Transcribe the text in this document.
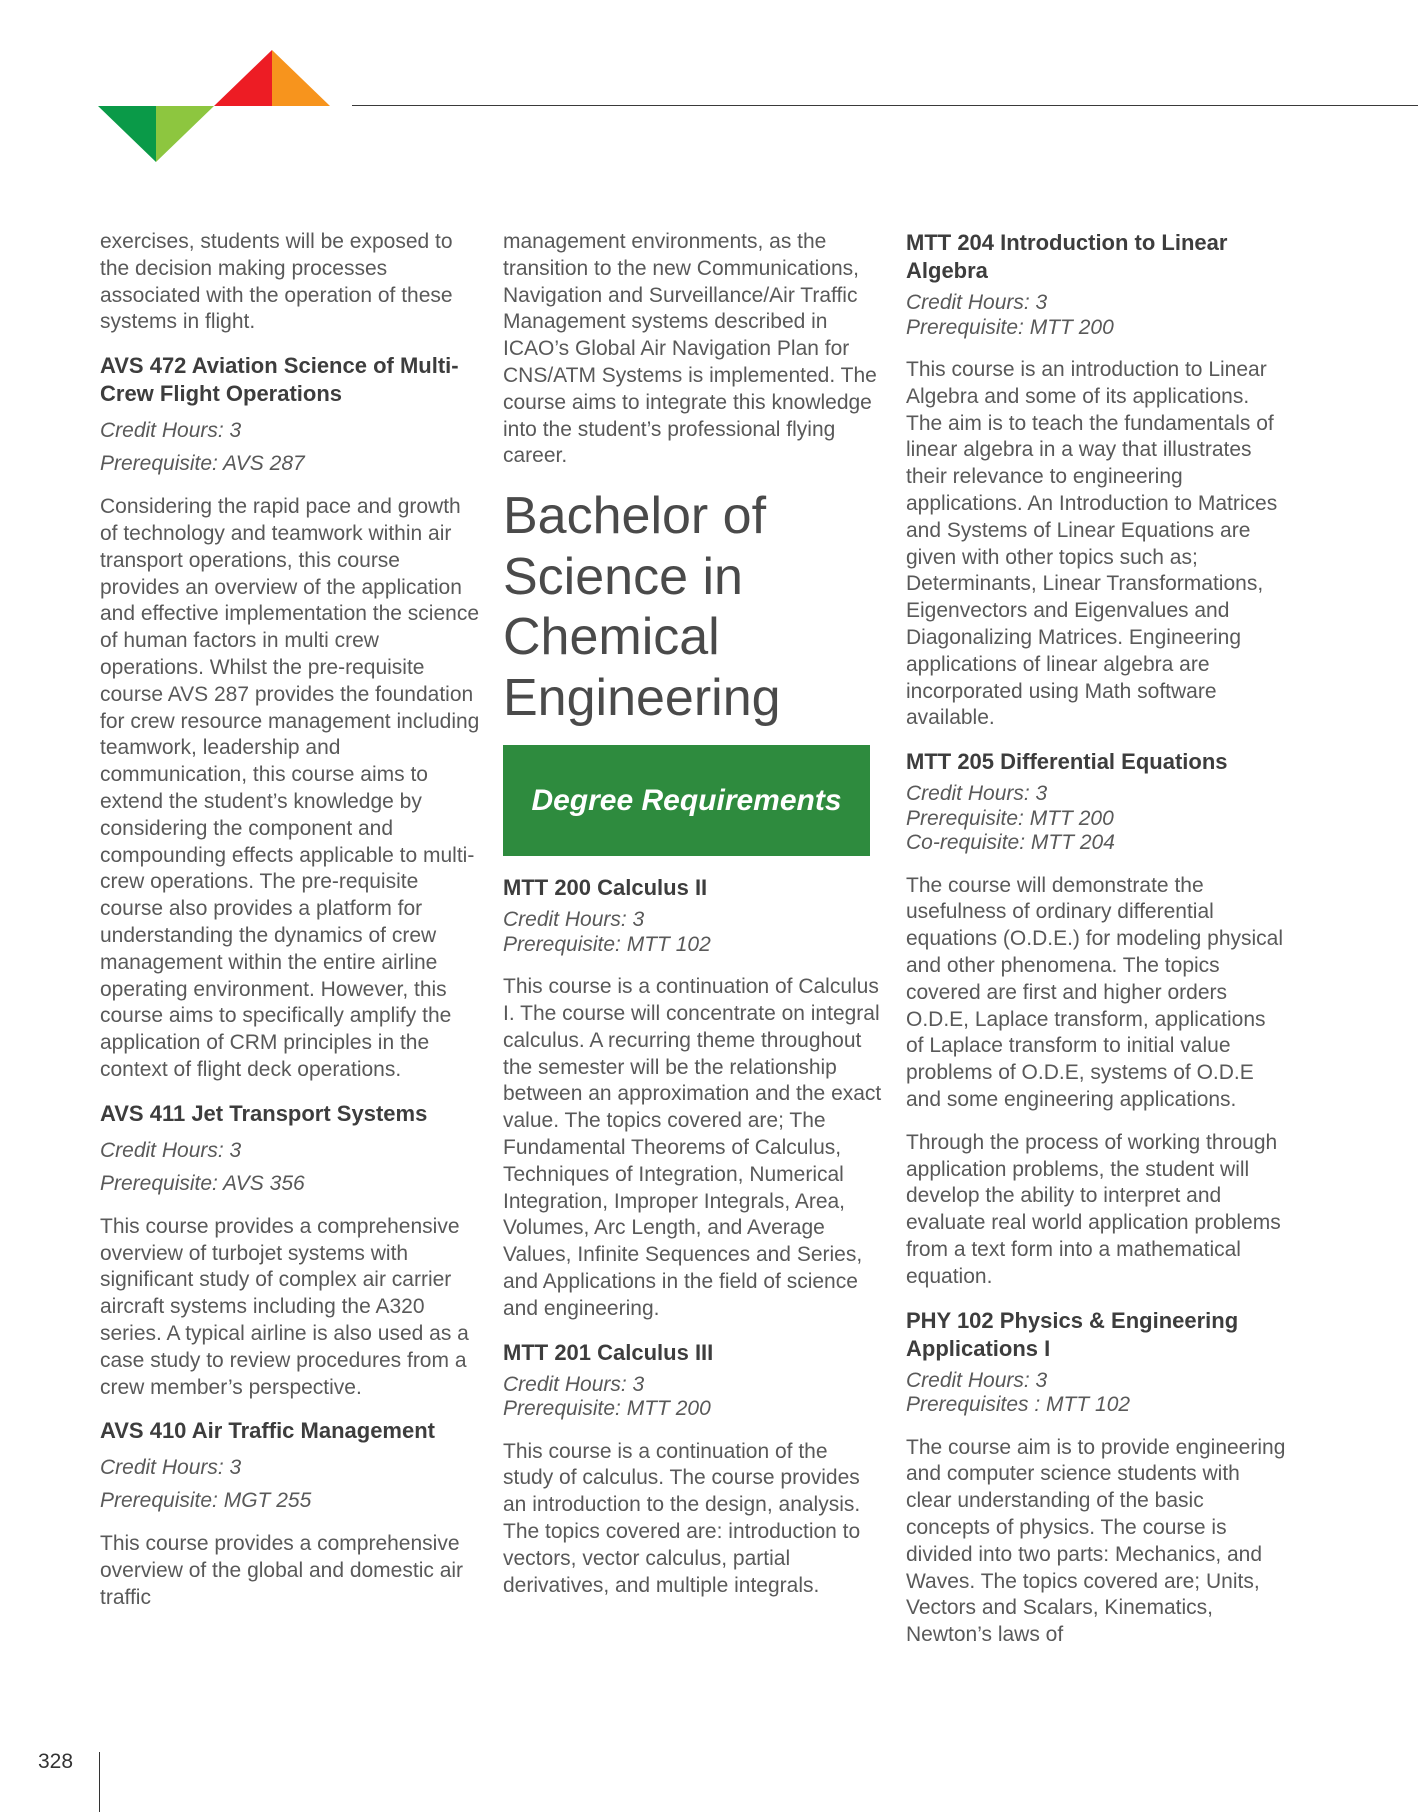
exercises, students will be exposed to the decision making processes associated with the operation of these systems in flight.

AVS 472 Aviation Science of Multi-Crew Flight Operations
Credit Hours: 3
Prerequisite: AVS 287

Considering the rapid pace and growth of technology and teamwork within air transport operations, this course provides an overview of the application and effective implementation the science of human factors in multi crew operations. Whilst the pre-requisite course AVS 287 provides the foundation for crew resource management including teamwork, leadership and communication, this course aims to extend the student’s knowledge by considering the component and compounding effects applicable to multi-crew operations. The pre-requisite course also provides a platform for understanding the dynamics of crew management within the entire airline operating environment. However, this course aims to specifically amplify the application of CRM principles in the context of flight deck operations.

AVS 411 Jet Transport Systems
Credit Hours: 3
Prerequisite: AVS 356

This course provides a comprehensive overview of turbojet systems with significant study of complex air carrier aircraft systems including the A320 series. A typical airline is also used as a case study to review procedures from a crew member’s perspective.

AVS 410 Air Traffic Management
Credit Hours: 3
Prerequisite: MGT 255

This course provides a comprehensive overview of the global and domestic air traffic

management environments, as the transition to the new Communications, Navigation and Surveillance/Air Traffic Management systems described in ICAO’s Global Air Navigation Plan for CNS/ATM Systems is implemented. The course aims to integrate this knowledge into the student’s professional flying career.

Bachelor of Science in Chemical Engineering
Degree Requirements
MTT 200 Calculus II
Credit Hours: 3
Prerequisite: MTT 102

This course is a continuation of Calculus I. The course will concentrate on integral calculus. A recurring theme throughout the semester will be the relationship between an approximation and the exact value. The topics covered are; The Fundamental Theorems of Calculus, Techniques of Integration, Numerical Integration, Improper Integrals, Area, Volumes, Arc Length, and Average Values, Infinite Sequences and Series, and Applications in the field of science and engineering.

MTT 201 Calculus III
Credit Hours: 3
Prerequisite: MTT 200

This course is a continuation of the study of calculus. The course provides an introduction to the design, analysis. The topics covered are: introduction to vectors, vector calculus, partial derivatives, and multiple integrals.

MTT 204 Introduction to Linear Algebra
Credit Hours: 3
Prerequisite: MTT 200

This course is an introduction to Linear Algebra and some of its applications. The aim is to teach the fundamentals of linear algebra in a way that illustrates their relevance to engineering applications. An Introduction to Matrices and Systems of Linear Equations are given with other topics such as; Determinants, Linear Transformations, Eigenvectors and Eigenvalues and Diagonalizing Matrices. Engineering applications of linear algebra are incorporated using Math software available.

MTT 205 Differential Equations
Credit Hours: 3
Prerequisite: MTT 200
Co-requisite: MTT 204

The course will demonstrate the usefulness of ordinary differential equations (O.D.E.) for modeling physical and other phenomena. The topics covered are first and higher orders O.D.E, Laplace transform, applications of Laplace transform to initial value problems of O.D.E, systems of O.D.E and some engineering applications.

Through the process of working through application problems, the student will develop the ability to interpret and evaluate real world application problems from a text form into a mathematical equation.

PHY 102 Physics & Engineering Applications I
Credit Hours: 3
Prerequisites : MTT 102

The course aim is to provide engineering and computer science students with clear understanding of the basic concepts of physics. The course is divided into two parts: Mechanics, and Waves. The topics covered are; Units, Vectors and Scalars, Kinematics, Newton’s laws of

328
